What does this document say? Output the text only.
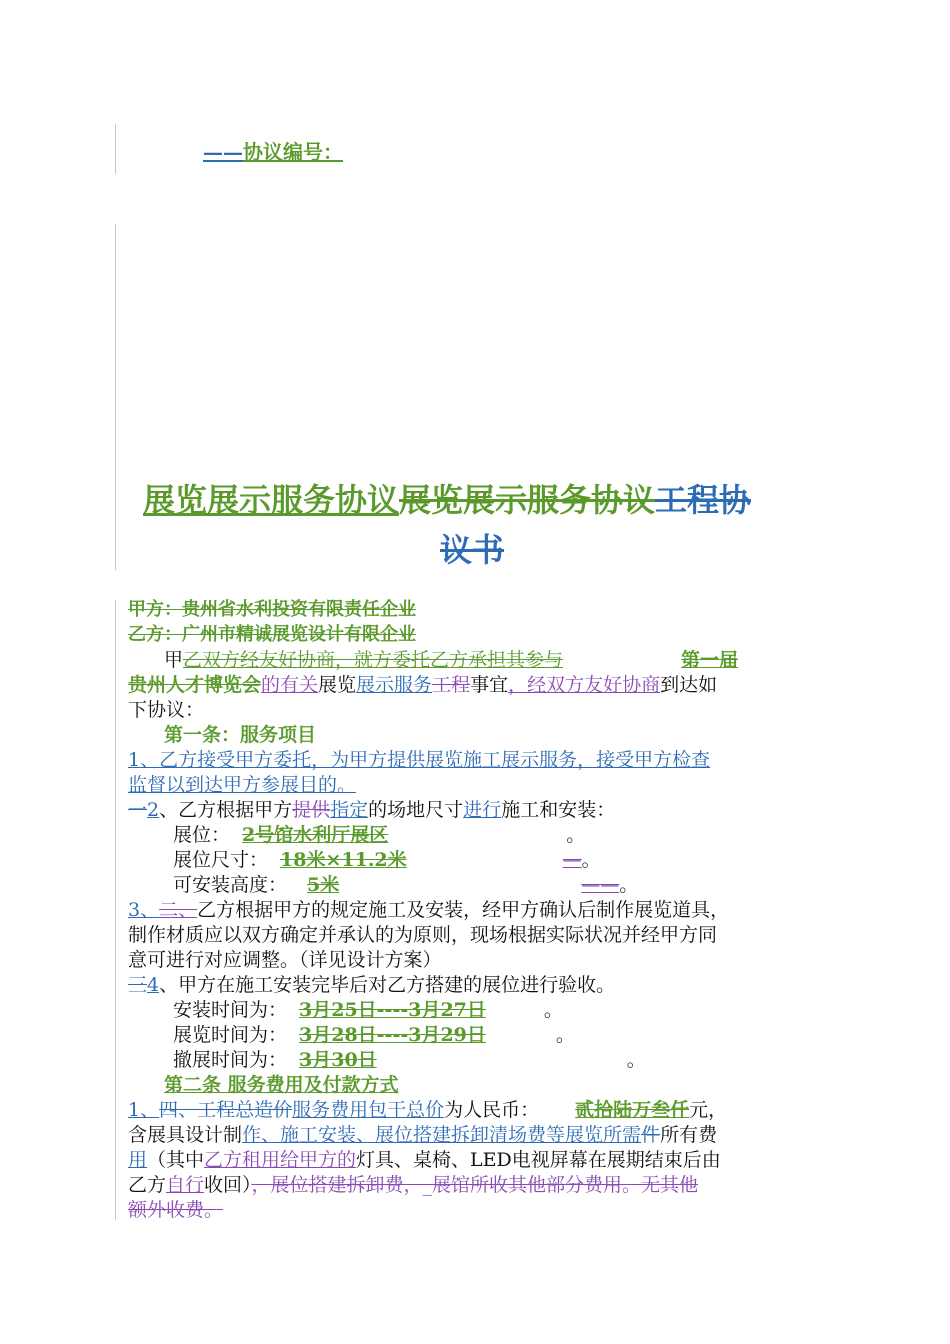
——协议编号：
展览展示服务协议展览展示服务协议工程协
议书
甲方：贵州省水利投资有限责任企业
乙方：广州市精诚展览设计有限企业
甲乙双方经友好协商，就方委托乙方承担其参与	第一届
贵州人才博览会的有关展览展示服务工程事宜，经双方友好协商到达如
下协议：
第一条：服务项目
1、乙方接受甲方委托，为甲方提供展览施工展示服务，接受甲方检查
监督以到达甲方参展目的。
一2、乙方根据甲方提供指定的场地尺寸进行施工和安装：
展位： 2号馆水利厅展区	。
展位尺寸： 18米×11.2米	—。
可安装高度： 5米	——。
3、二、乙方根据甲方的规定施工及安装，经甲方确认后制作展览道具，
制作材质应以双方确定并承认的为原则，现场根据实际状况并经甲方同
意可进行对应调整。（详见设计方案）
三4、甲方在施工安装完毕后对乙方搭建的展位进行验收。
安装时间为： 3月25日----3月27日	。
展览时间为： 3月28日----3月29日	。
撤展时间为： 3月30日	。
第二条 服务费用及付款方式
1、四、工程总造价服务费用包干总价为人民币： 贰拾陆万叁仟元，
含展具设计制作、施工安装、展位搭建拆卸清场费等展览所需件所有费
用（其中乙方租用给甲方的灯具、桌椅、LED电视屏幕在展期结束后由
乙方自行收回），展位搭建拆卸费，_展馆所收其他部分费用。无其他
额外收费。
